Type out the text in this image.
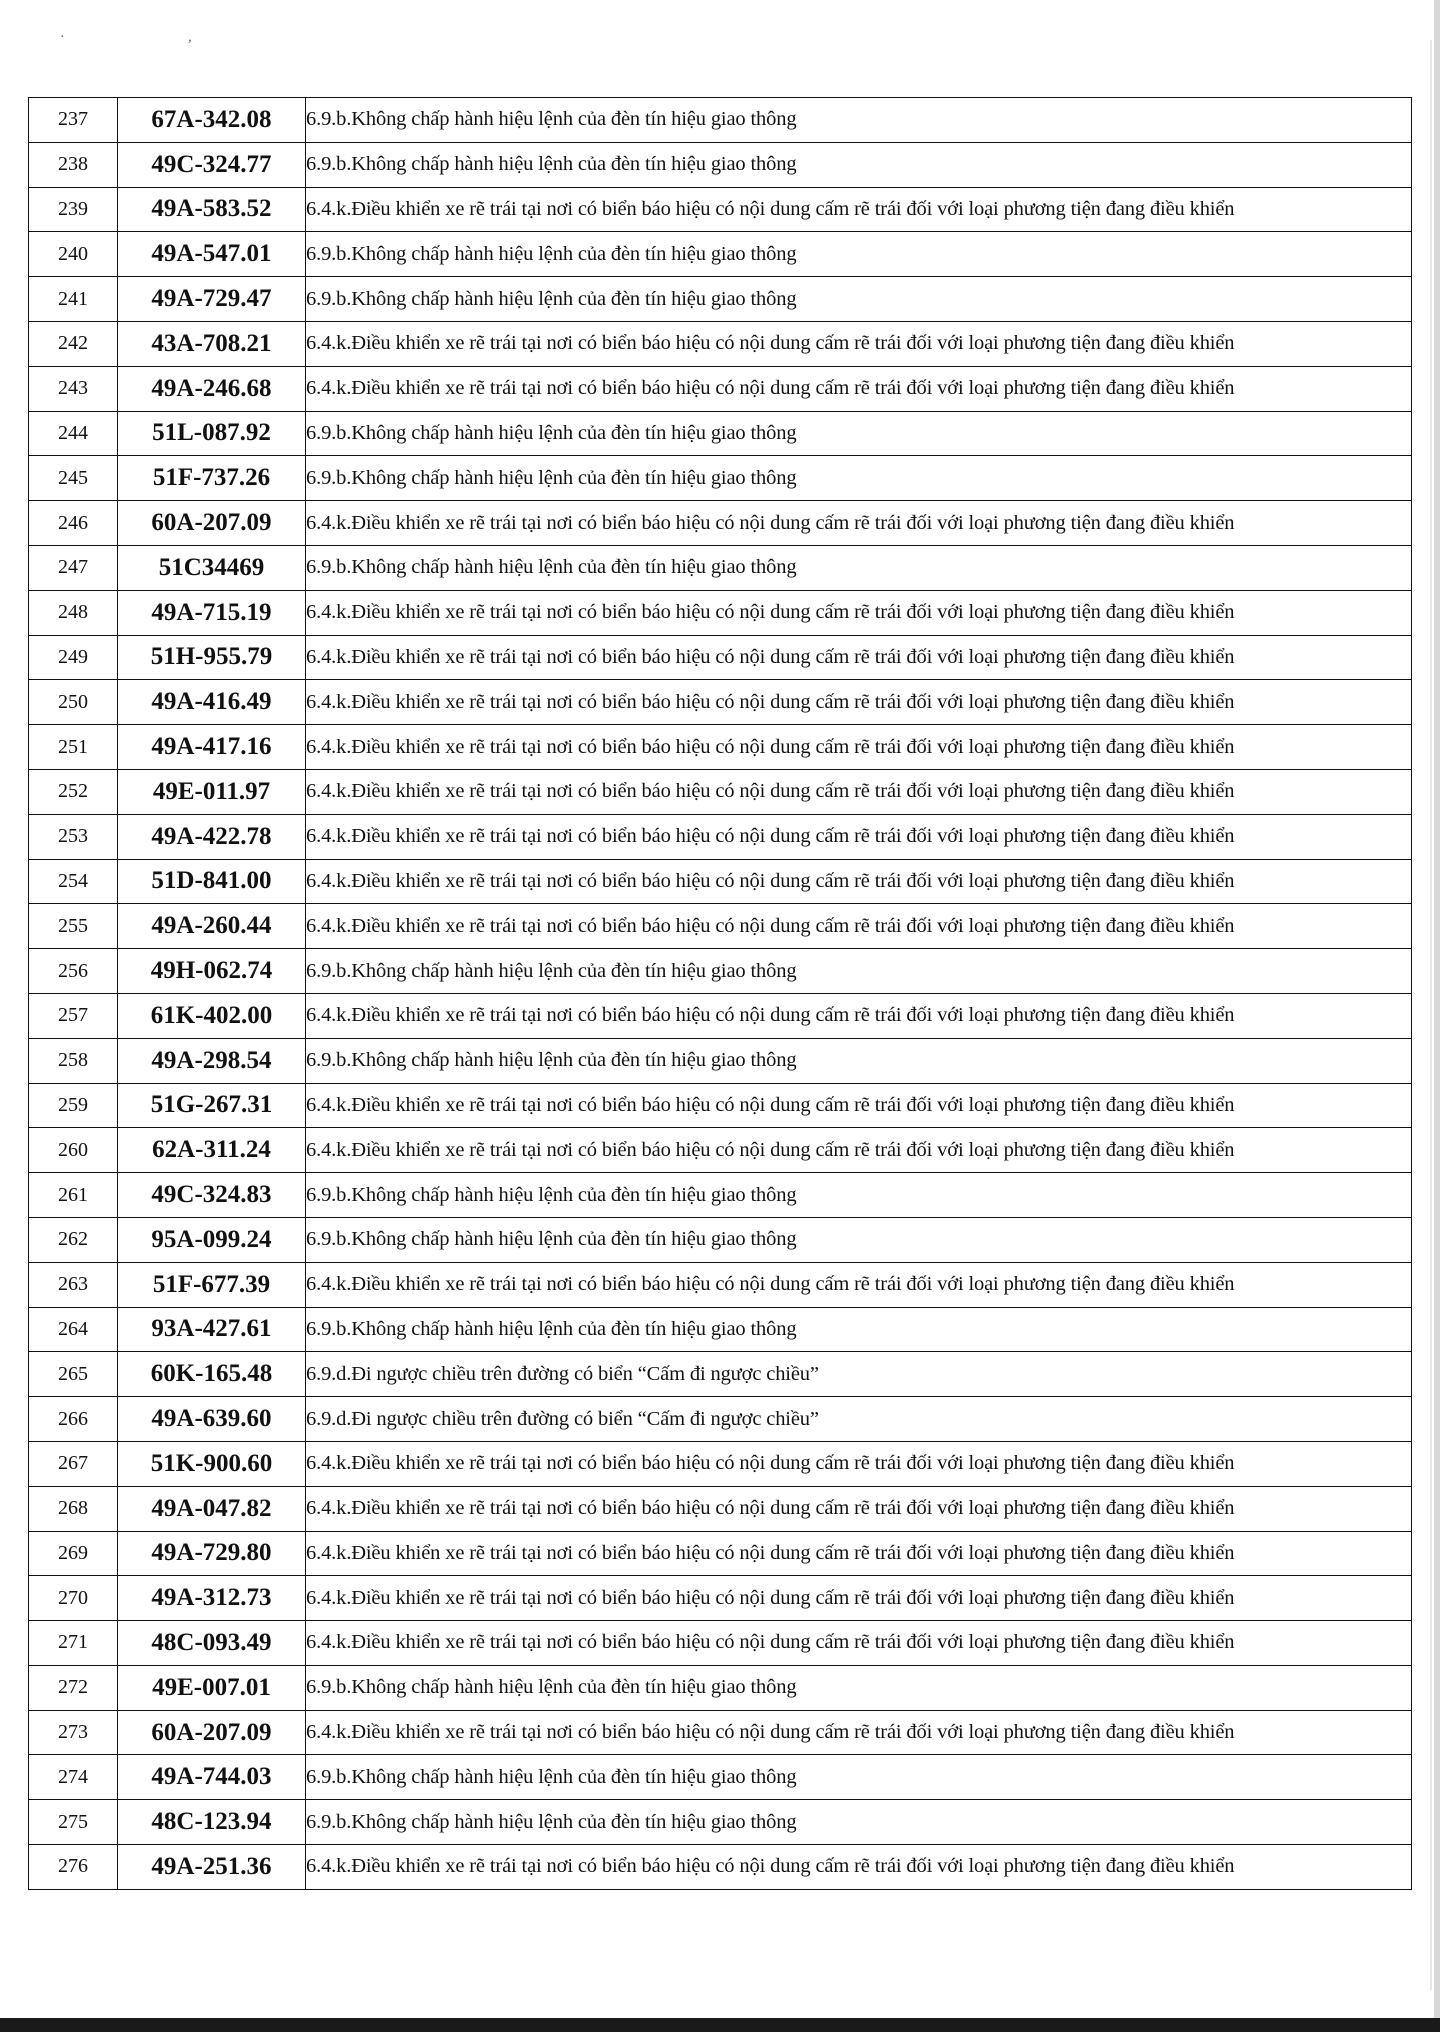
· ,
237	67A-342.08	6.9.b.Không chấp hành hiệu lệnh của đèn tín hiệu giao thông
238	49C-324.77	6.9.b.Không chấp hành hiệu lệnh của đèn tín hiệu giao thông
239	49A-583.52	6.4.k.Điều khiển xe rẽ trái tại nơi có biển báo hiệu có nội dung cấm rẽ trái đối với loại phương tiện đang điều khiển
240	49A-547.01	6.9.b.Không chấp hành hiệu lệnh của đèn tín hiệu giao thông
241	49A-729.47	6.9.b.Không chấp hành hiệu lệnh của đèn tín hiệu giao thông
242	43A-708.21	6.4.k.Điều khiển xe rẽ trái tại nơi có biển báo hiệu có nội dung cấm rẽ trái đối với loại phương tiện đang điều khiển
243	49A-246.68	6.4.k.Điều khiển xe rẽ trái tại nơi có biển báo hiệu có nội dung cấm rẽ trái đối với loại phương tiện đang điều khiển
244	51L-087.92	6.9.b.Không chấp hành hiệu lệnh của đèn tín hiệu giao thông
245	51F-737.26	6.9.b.Không chấp hành hiệu lệnh của đèn tín hiệu giao thông
246	60A-207.09	6.4.k.Điều khiển xe rẽ trái tại nơi có biển báo hiệu có nội dung cấm rẽ trái đối với loại phương tiện đang điều khiển
247	51C34469	6.9.b.Không chấp hành hiệu lệnh của đèn tín hiệu giao thông
248	49A-715.19	6.4.k.Điều khiển xe rẽ trái tại nơi có biển báo hiệu có nội dung cấm rẽ trái đối với loại phương tiện đang điều khiển
249	51H-955.79	6.4.k.Điều khiển xe rẽ trái tại nơi có biển báo hiệu có nội dung cấm rẽ trái đối với loại phương tiện đang điều khiển
250	49A-416.49	6.4.k.Điều khiển xe rẽ trái tại nơi có biển báo hiệu có nội dung cấm rẽ trái đối với loại phương tiện đang điều khiển
251	49A-417.16	6.4.k.Điều khiển xe rẽ trái tại nơi có biển báo hiệu có nội dung cấm rẽ trái đối với loại phương tiện đang điều khiển
252	49E-011.97	6.4.k.Điều khiển xe rẽ trái tại nơi có biển báo hiệu có nội dung cấm rẽ trái đối với loại phương tiện đang điều khiển
253	49A-422.78	6.4.k.Điều khiển xe rẽ trái tại nơi có biển báo hiệu có nội dung cấm rẽ trái đối với loại phương tiện đang điều khiển
254	51D-841.00	6.4.k.Điều khiển xe rẽ trái tại nơi có biển báo hiệu có nội dung cấm rẽ trái đối với loại phương tiện đang điều khiển
255	49A-260.44	6.4.k.Điều khiển xe rẽ trái tại nơi có biển báo hiệu có nội dung cấm rẽ trái đối với loại phương tiện đang điều khiển
256	49H-062.74	6.9.b.Không chấp hành hiệu lệnh của đèn tín hiệu giao thông
257	61K-402.00	6.4.k.Điều khiển xe rẽ trái tại nơi có biển báo hiệu có nội dung cấm rẽ trái đối với loại phương tiện đang điều khiển
258	49A-298.54	6.9.b.Không chấp hành hiệu lệnh của đèn tín hiệu giao thông
259	51G-267.31	6.4.k.Điều khiển xe rẽ trái tại nơi có biển báo hiệu có nội dung cấm rẽ trái đối với loại phương tiện đang điều khiển
260	62A-311.24	6.4.k.Điều khiển xe rẽ trái tại nơi có biển báo hiệu có nội dung cấm rẽ trái đối với loại phương tiện đang điều khiển
261	49C-324.83	6.9.b.Không chấp hành hiệu lệnh của đèn tín hiệu giao thông
262	95A-099.24	6.9.b.Không chấp hành hiệu lệnh của đèn tín hiệu giao thông
263	51F-677.39	6.4.k.Điều khiển xe rẽ trái tại nơi có biển báo hiệu có nội dung cấm rẽ trái đối với loại phương tiện đang điều khiển
264	93A-427.61	6.9.b.Không chấp hành hiệu lệnh của đèn tín hiệu giao thông
265	60K-165.48	6.9.d.Đi ngược chiều trên đường có biển “Cấm đi ngược chiều”
266	49A-639.60	6.9.d.Đi ngược chiều trên đường có biển “Cấm đi ngược chiều”
267	51K-900.60	6.4.k.Điều khiển xe rẽ trái tại nơi có biển báo hiệu có nội dung cấm rẽ trái đối với loại phương tiện đang điều khiển
268	49A-047.82	6.4.k.Điều khiển xe rẽ trái tại nơi có biển báo hiệu có nội dung cấm rẽ trái đối với loại phương tiện đang điều khiển
269	49A-729.80	6.4.k.Điều khiển xe rẽ trái tại nơi có biển báo hiệu có nội dung cấm rẽ trái đối với loại phương tiện đang điều khiển
270	49A-312.73	6.4.k.Điều khiển xe rẽ trái tại nơi có biển báo hiệu có nội dung cấm rẽ trái đối với loại phương tiện đang điều khiển
271	48C-093.49	6.4.k.Điều khiển xe rẽ trái tại nơi có biển báo hiệu có nội dung cấm rẽ trái đối với loại phương tiện đang điều khiển
272	49E-007.01	6.9.b.Không chấp hành hiệu lệnh của đèn tín hiệu giao thông
273	60A-207.09	6.4.k.Điều khiển xe rẽ trái tại nơi có biển báo hiệu có nội dung cấm rẽ trái đối với loại phương tiện đang điều khiển
274	49A-744.03	6.9.b.Không chấp hành hiệu lệnh của đèn tín hiệu giao thông
275	48C-123.94	6.9.b.Không chấp hành hiệu lệnh của đèn tín hiệu giao thông
276	49A-251.36	6.4.k.Điều khiển xe rẽ trái tại nơi có biển báo hiệu có nội dung cấm rẽ trái đối với loại phương tiện đang điều khiển
